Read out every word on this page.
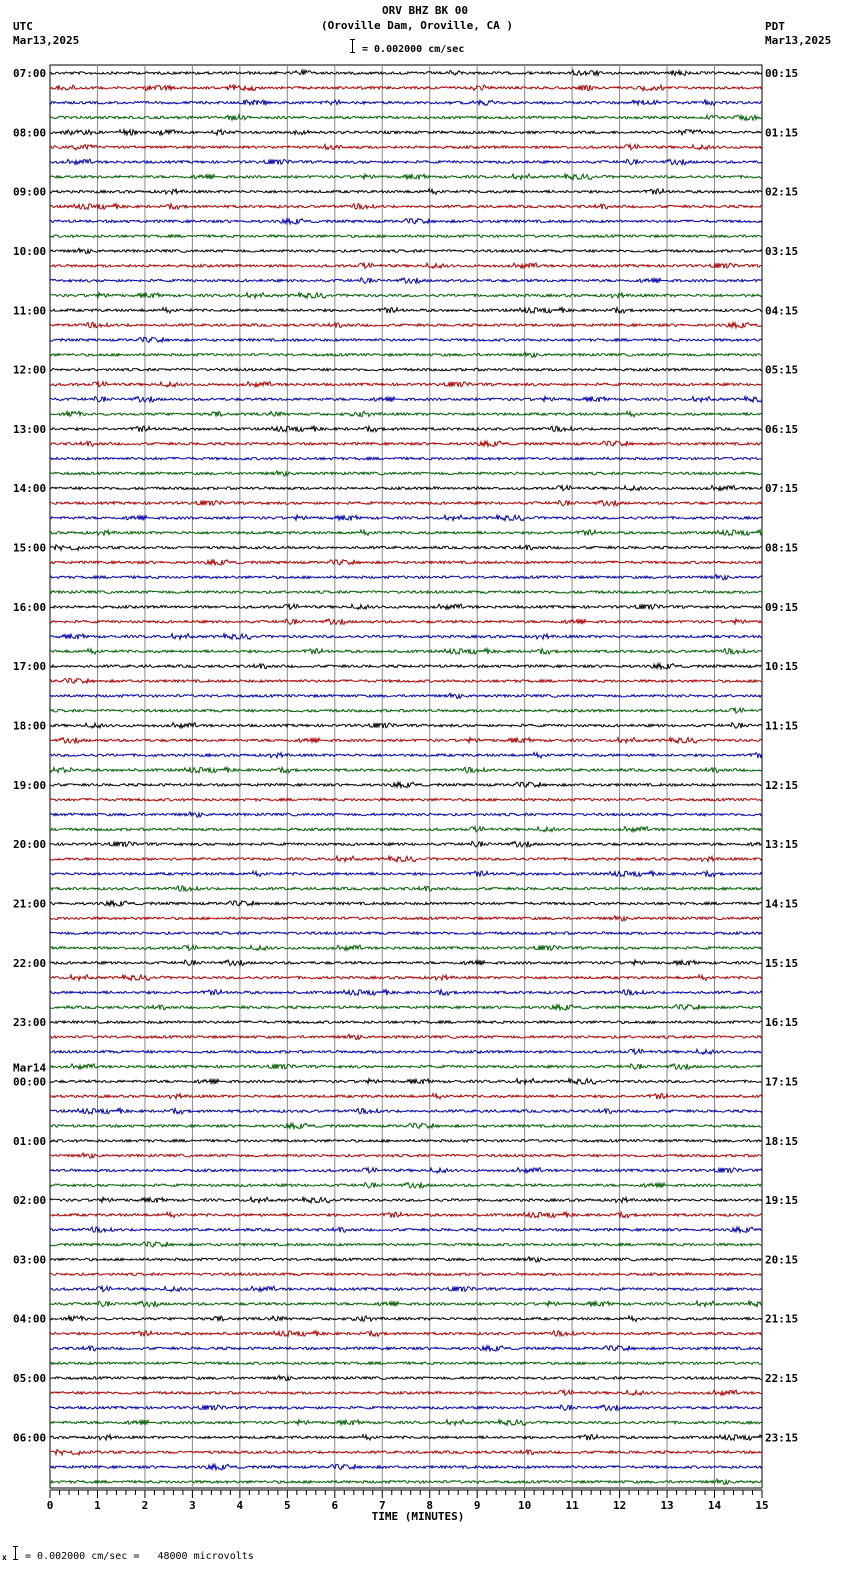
ORV BHZ BK 00
(Oroville Dam, Oroville, CA )
UTC
Mar13,2025
PDT
Mar13,2025
= 0.002000 cm/sec
07:00	00:15
08:00	01:15
09:00	02:15
10:00	03:15
11:00	04:15
12:00	05:15
13:00	06:15
14:00	07:15
15:00	08:15
16:00	09:15
17:00	10:15
18:00	11:15
19:00	12:15
20:00	13:15
21:00	14:15
22:00	15:15
23:00	16:15
00:00	17:15
01:00	18:15
02:00	19:15
03:00	20:15
04:00	21:15
05:00	22:15
06:00	23:15
Mar14
0	1	2	3	4	5	6	7	8	9	10	11	12	13	14	15
TIME (MINUTES)
x = 0.002000 cm/sec =   48000 microvolts
